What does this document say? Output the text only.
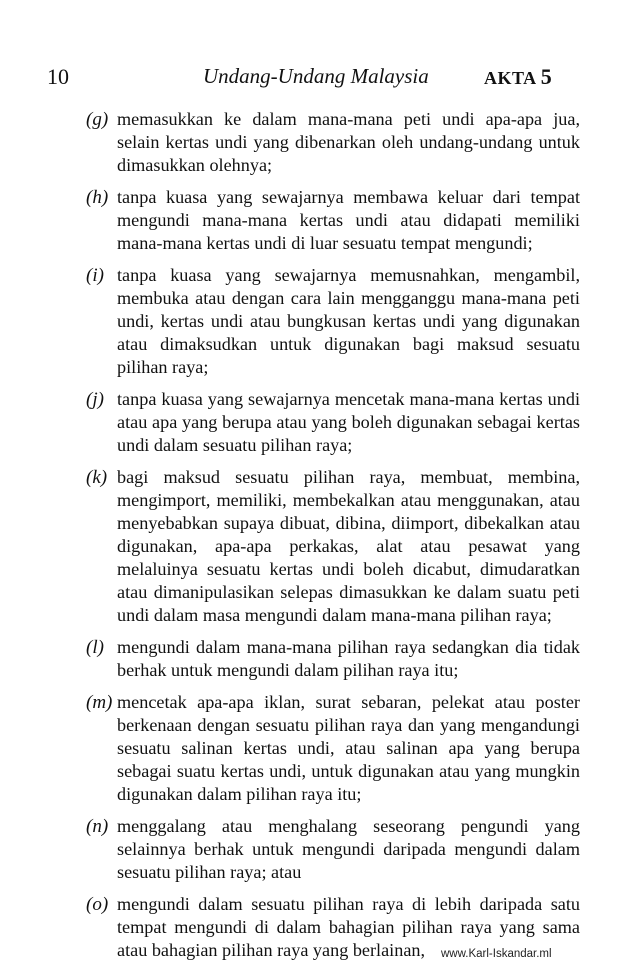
10	Undang-Undang Malaysia	AKTA 5
(g) memasukkan ke dalam mana-mana peti undi apa-apa jua, selain kertas undi yang dibenarkan oleh undang-undang untuk dimasukkan olehnya;
(h) tanpa kuasa yang sewajarnya membawa keluar dari tempat mengundi mana-mana kertas undi atau didapati memiliki mana-mana kertas undi di luar sesuatu tempat mengundi;
(i) tanpa kuasa yang sewajarnya memusnahkan, mengambil, membuka atau dengan cara lain mengganggu mana-mana peti undi, kertas undi atau bungkusan kertas undi yang digunakan atau dimaksudkan untuk digunakan bagi maksud sesuatu pilihan raya;
(j) tanpa kuasa yang sewajarnya mencetak mana-mana kertas undi atau apa yang berupa atau yang boleh digunakan sebagai kertas undi dalam sesuatu pilihan raya;
(k) bagi maksud sesuatu pilihan raya, membuat, membina, mengimport, memiliki, membekalkan atau menggunakan, atau menyebabkan supaya dibuat, dibina, diimport, dibekalkan atau digunakan, apa-apa perkakas, alat atau pesawat yang melaluinya sesuatu kertas undi boleh dicabut, dimudaratkan atau dimanipulasikan selepas dimasukkan ke dalam suatu peti undi dalam masa mengundi dalam mana-mana pilihan raya;
(l) mengundi dalam mana-mana pilihan raya sedangkan dia tidak berhak untuk mengundi dalam pilihan raya itu;
(m) mencetak apa-apa iklan, surat sebaran, pelekat atau poster berkenaan dengan sesuatu pilihan raya dan yang mengandungi sesuatu salinan kertas undi, atau salinan apa yang berupa sebagai suatu kertas undi, untuk digunakan atau yang mungkin digunakan dalam pilihan raya itu;
(n) menggalang atau menghalang seseorang pengundi yang selainnya berhak untuk mengundi daripada mengundi dalam sesuatu pilihan raya; atau
(o) mengundi dalam sesuatu pilihan raya di lebih daripada satu tempat mengundi di dalam bahagian pilihan raya yang sama atau bahagian pilihan raya yang berlainan,	www.Karl-Iskandar.ml
